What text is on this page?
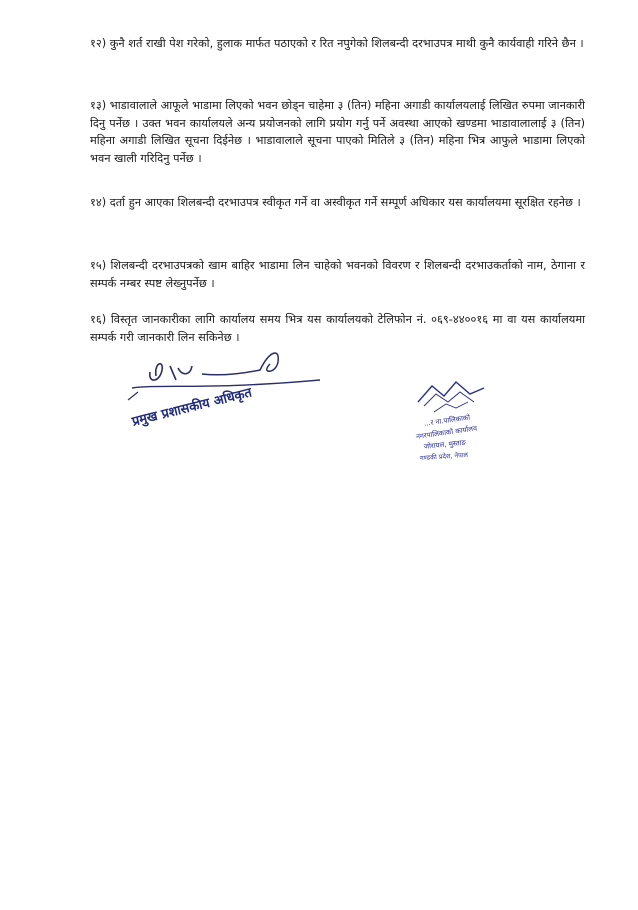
१२) कुनै शर्त राखी पेश गरेको, हुलाक मार्फत पठाएको र रित नपुगेको शिलबन्दी दरभाउपत्र माथी कुनै कार्यवाही गरिने छैन ।

१३) भाडावालाले आफूले भाडामा लिएको भवन छोड्न चाहेमा ३ (तिन) महिना अगाडी कार्यालयलाई लिखित रुपमा जानकारी दिनु पर्नेछ । उक्त भवन कार्यालयले अन्य प्रयोजनको लागि प्रयोग गर्नु पर्ने अवस्था आएको खण्डमा भाडावालालाई ३ (तिन) महिना अगाडी लिखित सूचना दिईनेछ । भाडावालाले सूचना पाएको मितिले ३ (तिन) महिना भित्र आफुले भाडामा लिएको भवन खाली गरिदिनु पर्नेछ ।

१४) दर्ता हुन आएका शिलबन्दी दरभाउपत्र स्वीकृत गर्ने वा अस्वीकृत गर्ने सम्पूर्ण अधिकार यस कार्यालयमा सूरक्षित रहनेछ ।

१५) शिलबन्दी दरभाउपत्रको खाम बाहिर भाडामा लिन चाहेको भवनको विवरण र शिलबन्दी दरभाउकर्ताको नाम, ठेगाना र सम्पर्क नम्बर स्पष्ट लेख्नुपर्नेछ ।

१६) विस्तृत जानकारीका लागि कार्यालय समय भित्र यस कार्यालयको टेलिफोन नं. ०६९-४४००१६ मा वा यस कार्यालयमा सम्पर्क गरी जानकारी लिन सकिनेछ ।

प्रमुख प्रशासकीय अधिकृत	...र ना.पालिकाको
नगरपालिकाको कार्यालय
जोरायल, मुस्ताङ
गण्डकी प्रदेश, नेपाल
